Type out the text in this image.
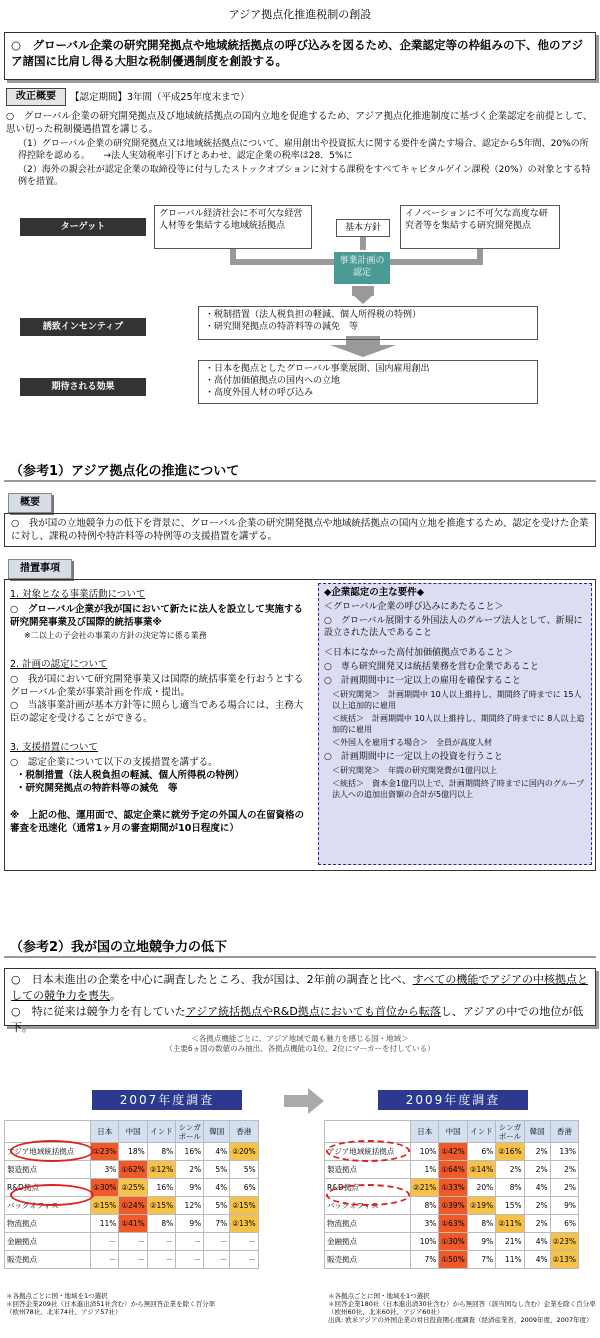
アジア拠点化推進税制の創設
○　グローバル企業の研究開発拠点や地域統括拠点の呼び込みを図るため、企業認定等の枠組みの下、他のアジア諸国に比肩し得る大胆な税制優遇制度を創設する。
改正概要	【認定期間】3年間（平成25年度末まで）
○　グローバル企業の研究開発拠点及び地域統括拠点の国内立地を促進するため、アジア拠点化推進制度に基づく企業認定を前提として、思い切った税制優遇措置を講じる。
（1）グローバル企業の研究開発拠点又は地域統括拠点について、雇用創出や投資拡大に関する要件を満たす場合、認定から5年間、20%の所得控除を認める。　　→法人実効税率引下げとあわせ、認定企業の税率は28．5%に
（2）海外の親会社が認定企業の取締役等に付与したストックオプションに対する課税をすべてキャピタルゲイン課税（20%）の対象とする特例を措置。
ターゲット
グローバル経済社会に不可欠な経営人材等を集結する地域統括拠点	基本方針
イノベーションに不可欠な高度な研究者等を集結する研究開発拠点
事業計画の認定
誘致インセンティブ
・税制措置（法人税負担の軽減、個人所得税の特例）
・研究開発拠点の特許料等の減免　等
期待される効果
・日本を拠点としたグローバル事業展開、国内雇用創出
・高付加価値拠点の国内への立地
・高度外国人材の呼び込み
（参考1）アジア拠点化の推進について
概要
○　我が国の立地競争力の低下を背景に、グローバル企業の研究開発拠点や地域統括拠点の国内立地を推進するため、認定を受けた企業に対し、課税の特例や特許料等の特例等の支援措置を講ずる。
措置事項
1. 対象となる事業活動について
○　グローバル企業が我が国において新たに法人を設立して実施する研究開発事業及び国際的統括事業※
※二以上の子会社の事業の方針の決定等に係る業務
2. 計画の認定について
○　我が国において研究開発事業又は国際的統括事業を行おうとするグローバル企業が事業計画を作成・提出。
○　当該事業計画が基本方針等に照らし適当である場合には、主務大臣の認定を受けることができる。
3. 支援措置について
○　認定企業について以下の支援措置を講ずる。
・税制措置（法人税負担の軽減、個人所得税の特例）
・研究開発拠点の特許料等の減免　等
※　上記の他、運用面で、認定企業に就労予定の外国人の在留資格の審査を迅速化（通常1ヶ月の審査期間が10日程度に）
◆企業認定の主な要件◆
＜グローバル企業の呼び込みにあたること＞
○　グローバル展開する外国法人のグループ法人として、新規に設立された法人であること
＜日本になかった高付加価値拠点であること＞
○　専ら研究開発又は統括業務を営む企業であること
○　計画期間中に一定以上の雇用を確保すること
＜研究開発＞　計画期間中 10人以上維持し、期間終了時までに 15人以上追加的に雇用
＜統括＞　計画期間中 10人以上維持し、期間終了時までに 8人以上追加的に雇用
＜外国人を雇用する場合＞　全員が高度人材
○　計画期間中に一定以上の投資を行うこと
＜研究開発＞　年間の研究開発費が1億円以上
＜統括＞　資本金1億円以上で、計画期間終了時までに国内のグループ法人への追加出資額の合計が5億円以上
（参考2）我が国の立地競争力の低下
○　日本未進出の企業を中心に調査したところ、我が国は、2年前の調査と比べ、すべての機能でアジアの中核拠点としての競争力を喪失。
○　特に従来は競争力を有していたアジア統括拠点やR&D拠点においても首位から転落し、アジアの中での地位が低下。
＜各拠点機能ごとに、アジア地域で最も魅力を感じる国・地域＞
（主要6ヵ国の数値のみ抽出、各拠点機能の1位、2位にマーカーを付している）
2007年度調査
	日本	中国	インド	シンガポール	韓国	香港
アジア地域統括拠点	①23%	18%	8%	16%	4%	②20%
製造拠点	3%	①62%	②12%	2%	5%	5%
R&D拠点	①30%	②25%	16%	9%	4%	6%
バックオフィス	②15%	①24%	②15%	12%	5%	②15%
物流拠点	11%	①41%	8%	9%	7%	②13%
金融拠点	－	－	－	－	－	－
販売拠点	－	－	－	－	－	－
＊各拠点ごとに国・地域を1つ選択
＊回答企業209社（日本進出済51社含む）から無回答企業を除く百分率
（欧州78社、北米74社、アジア57社）
2009年度調査
	日本	中国	インド	シンガポール	韓国	香港
アジア地域統括拠点	10%	①42%	6%	②16%	2%	13%
製造拠点	1%	①64%	②14%	2%	2%	2%
R&D拠点	②21%	①33%	20%	8%	4%	2%
バックオフィス	8%	①39%	②19%	15%	2%	9%
物流拠点	3%	①63%	8%	②11%	2%	6%
金融拠点	10%	①30%	9%	21%	4%	②23%
販売拠点	7%	①50%	7%	11%	4%	②13%
＊各拠点ごとに国・地域を1つ選択
＊回答企業180社（日本進出済30社含む）から無回答（該当国なし含む）企業を除く百分率
（欧州60社、北米60社、アジア60社）
出典: 欧米アジアの外国企業の対日投資関心度調査（経済産業省，2009年度，2007年度）
